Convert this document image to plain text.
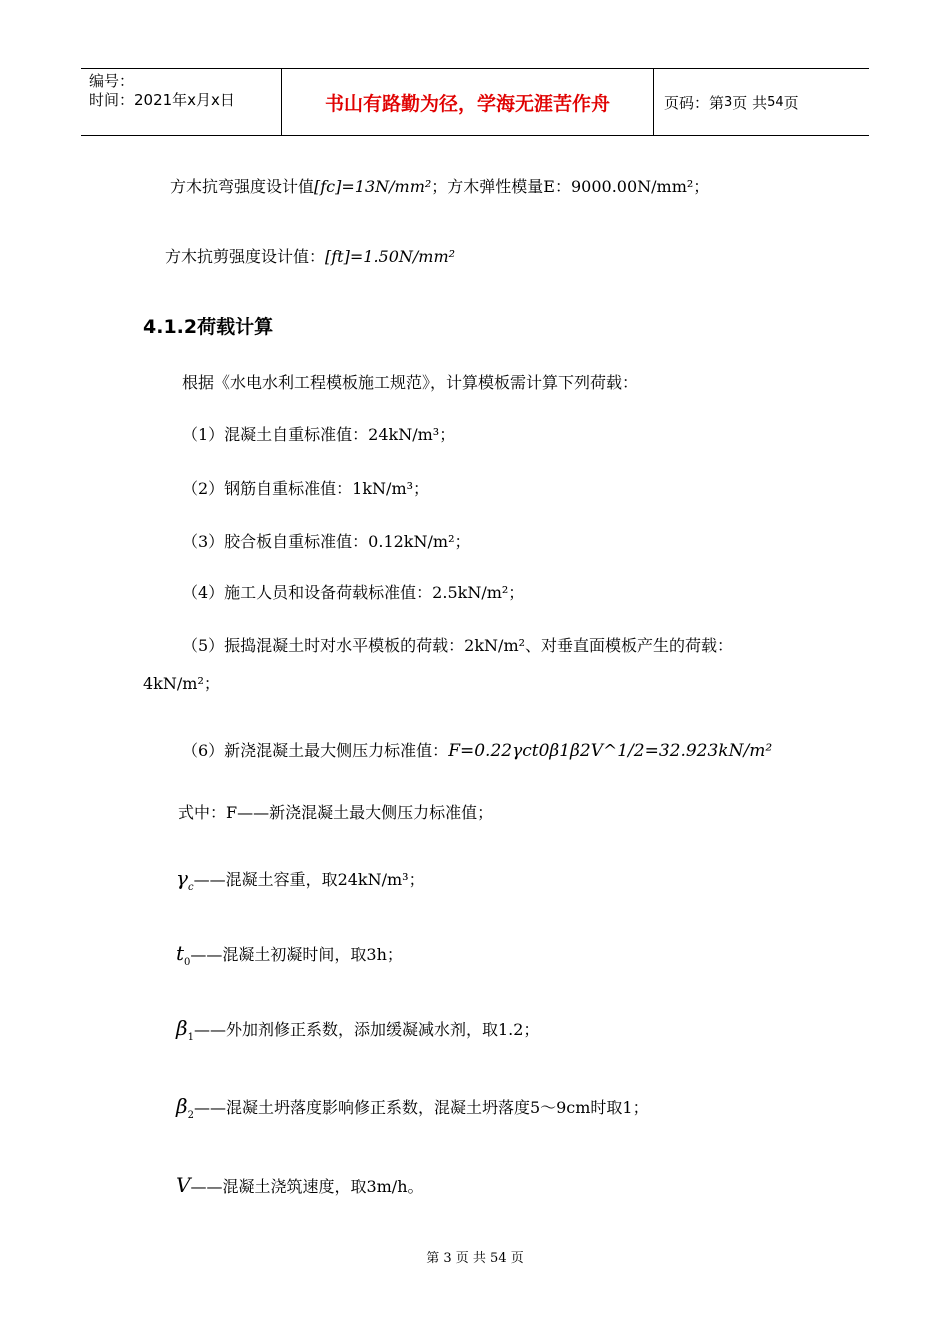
编号：
时间：2021年x月x日	书山有路勤为径，学海无涯苦作舟	页码：第 3 页 共 54 页
方木抗弯强度设计值[fc]=13N/mm²；方木弹性模量E：9000.00N/mm²；
方木抗剪强度设计值：[ft]=1.50N/mm²
4.1.2荷载计算
根据《水电水利工程模板施工规范》，计算模板需计算下列荷载：
（1）混凝土自重标准值：24kN/m³；
（2）钢筋自重标准值：1kN/m³；
（3）胶合板自重标准值：0.12kN/m²；
（4）施工人员和设备荷载标准值：2.5kN/m²；
（5）振捣混凝土时对水平模板的荷载：2kN/m²、对垂直面模板产生的荷载：
4kN/m²；
（6）新浇混凝土最大侧压力标准值：F=0.22γct0β1β2V^1/2=32.923kN/m²
式中：F——新浇混凝土最大侧压力标准值；
$\gamma_c——$混凝土容重，取24kN/m³；
$t_0——$混凝土初凝时间，取3h；
$\beta_1——$外加剂修正系数，添加缓凝减水剂，取1.2；
$\beta_2——$混凝土坍落度影响修正系数，混凝土坍落度5～9cm时取1；
V——混凝土浇筑速度，取3m/h。
第 3 页 共 54 页
